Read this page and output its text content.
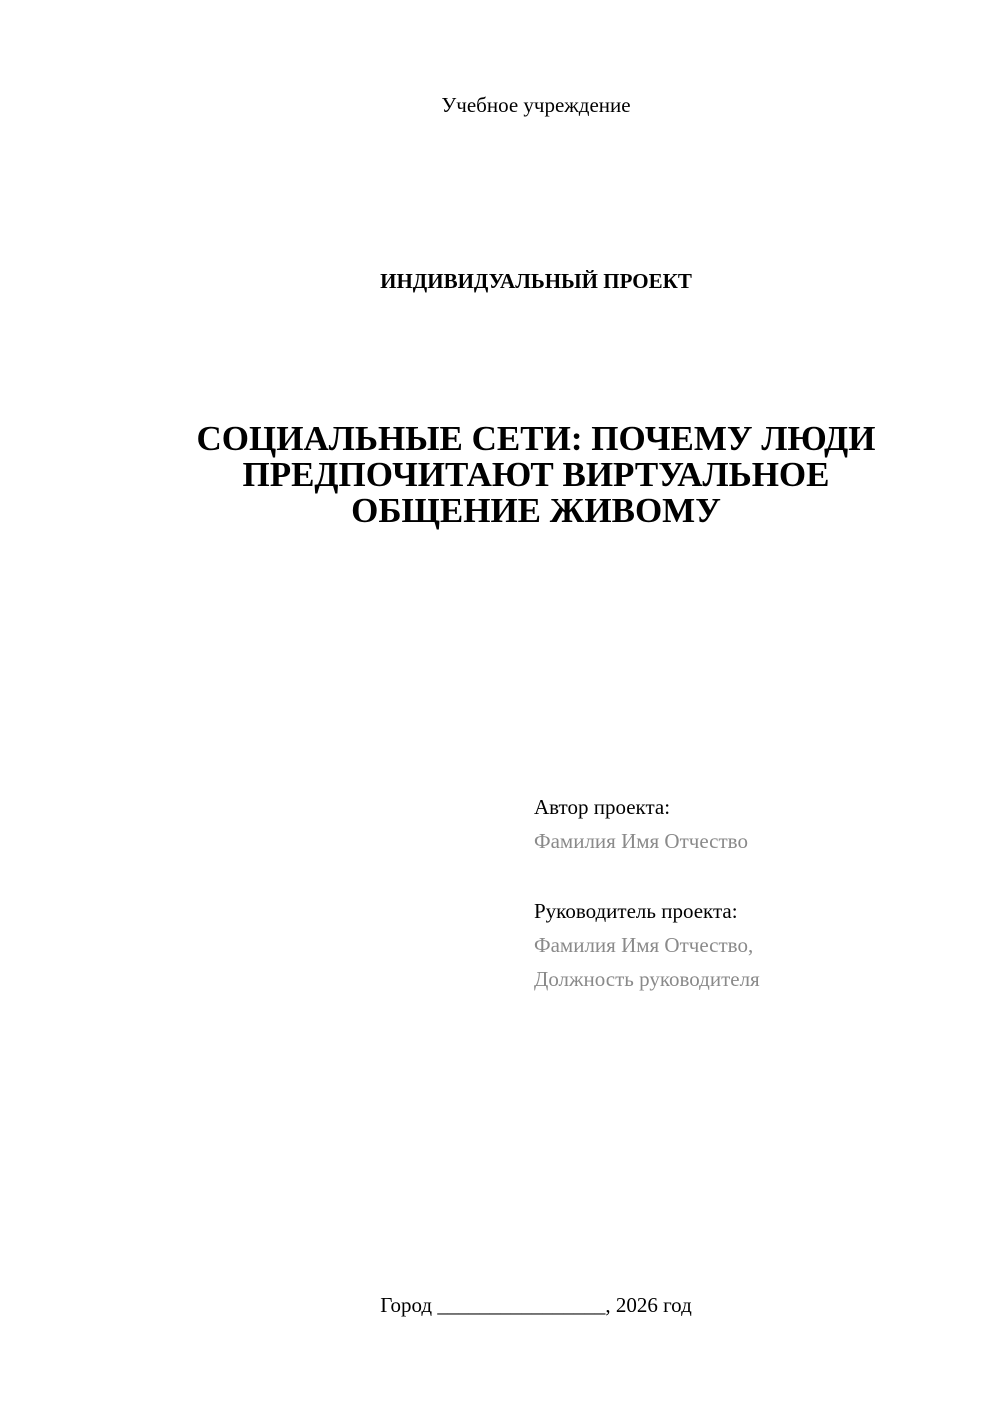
Учебное учреждение
ИНДИВИДУАЛЬНЫЙ ПРОЕКТ
СОЦИАЛЬНЫЕ СЕТИ: ПОЧЕМУ ЛЮДИ
ПРЕДПОЧИТАЮТ ВИРТУАЛЬНОЕ
ОБЩЕНИЕ ЖИВОМУ
Автор проекта:
Фамилия Имя Отчество
Руководитель проекта:
Фамилия Имя Отчество,
Должность руководителя
Город ________________, 2026 год
